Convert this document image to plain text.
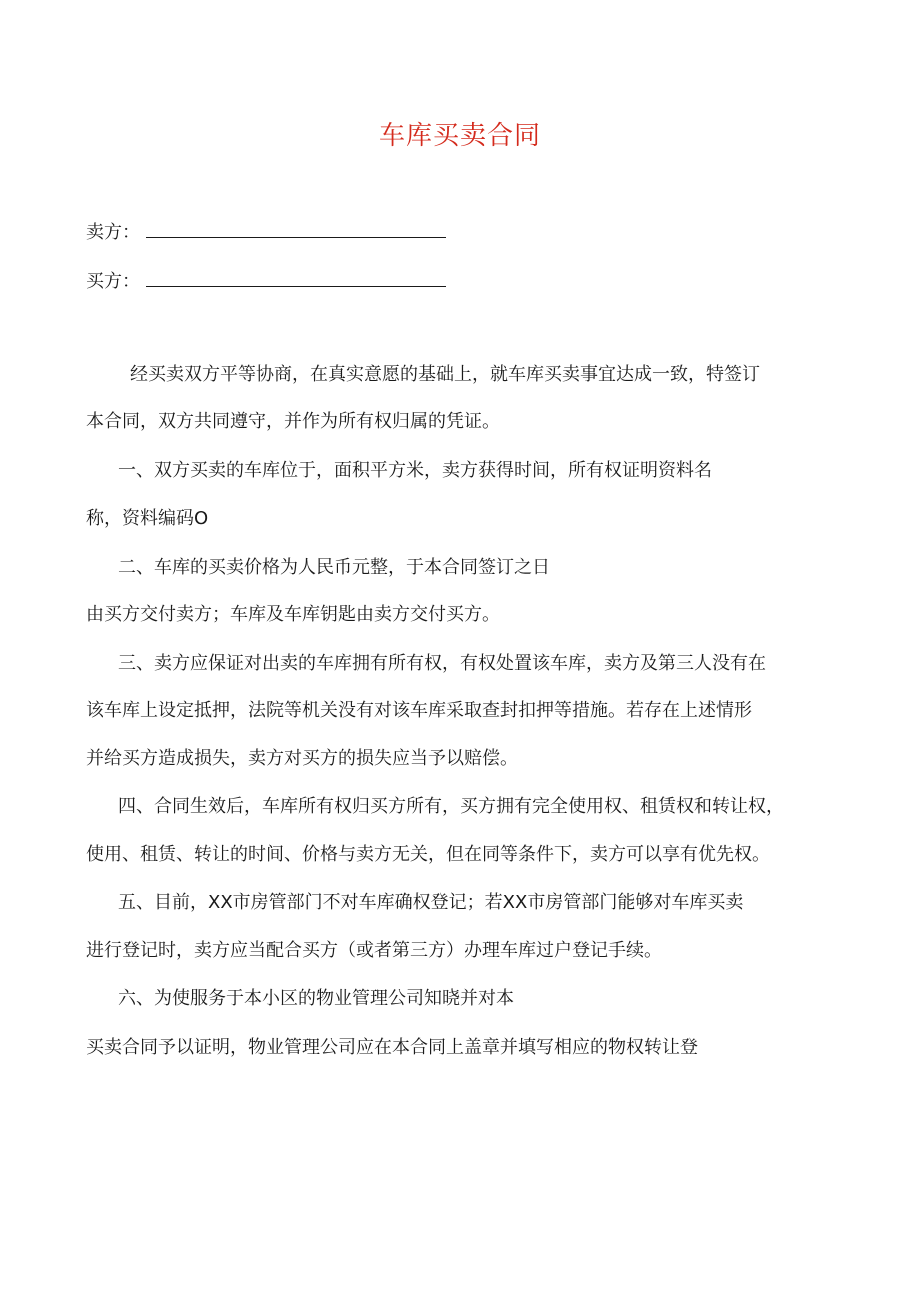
车库买卖合同
卖方：
买方：
经买卖双方平等协商，在真实意愿的基础上，就车库买卖事宜达成一致，特签订
本合同，双方共同遵守，并作为所有权归属的凭证。
一、双方买卖的车库位于，面积平方米，卖方获得时间，所有权证明资料名
称，资料编码O
二、车库的买卖价格为人民币元整，于本合同签订之日
由买方交付卖方；车库及车库钥匙由卖方交付买方。
三、卖方应保证对出卖的车库拥有所有权，有权处置该车库，卖方及第三人没有在
该车库上设定抵押，法院等机关没有对该车库采取查封扣押等措施。若存在上述情形
并给买方造成损失，卖方对买方的损失应当予以赔偿。
四、合同生效后，车库所有权归买方所有，买方拥有完全使用权、租赁权和转让权，
使用、租赁、转让的时间、价格与卖方无关，但在同等条件下，卖方可以享有优先权。
五、目前，XX市房管部门不对车库确权登记；若XX市房管部门能够对车库买卖
进行登记时，卖方应当配合买方（或者第三方）办理车库过户登记手续。
六、为使服务于本小区的物业管理公司知晓并对本
买卖合同予以证明，物业管理公司应在本合同上盖章并填写相应的物权转让登
